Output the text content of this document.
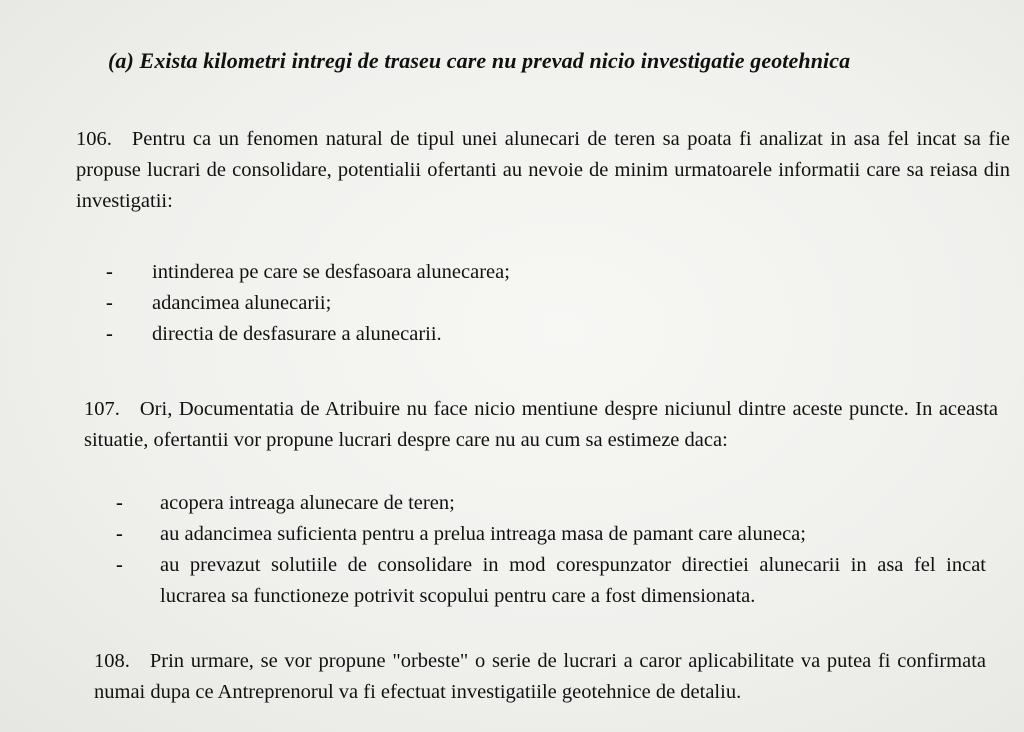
(a) Exista kilometri intregi de traseu care nu prevad nicio investigatie geotehnica
106. Pentru ca un fenomen natural de tipul unei alunecari de teren sa poata fi analizat in asa fel incat sa fie propuse lucrari de consolidare, potentialii ofertanti au nevoie de minim urmatoarele informatii care sa reiasa din investigatii:
- intinderea pe care se desfasoara alunecarea;
- adancimea alunecarii;
- directia de desfasurare a alunecarii.
107. Ori, Documentatia de Atribuire nu face nicio mentiune despre niciunul dintre aceste puncte. In aceasta situatie, ofertantii vor propune lucrari despre care nu au cum sa estimeze daca:
- acopera intreaga alunecare de teren;
- au adancimea suficienta pentru a prelua intreaga masa de pamant care aluneca;
- au prevazut solutiile de consolidare in mod corespunzator directiei alunecarii in asa fel incat lucrarea sa functioneze potrivit scopului pentru care a fost dimensionata.
108. Prin urmare, se vor propune "orbeste" o serie de lucrari a caror aplicabilitate va putea fi confirmata numai dupa ce Antreprenorul va fi efectuat investigatiile geotehnice de detaliu.
